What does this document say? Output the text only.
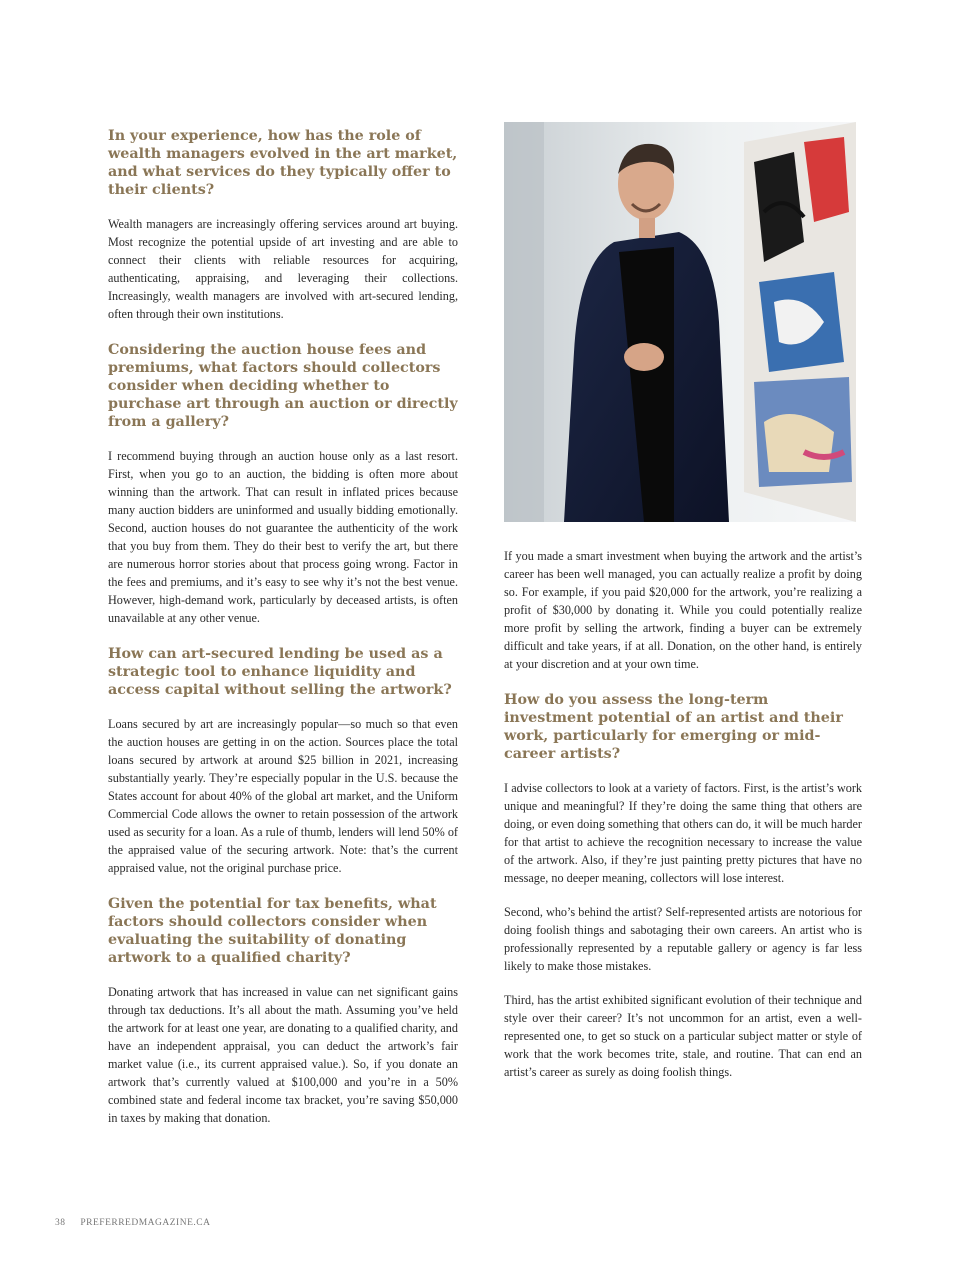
In your experience, how has the role of wealth managers evolved in the art market, and what services do they typically offer to their clients?

Wealth managers are increasingly offering services around art buying. Most recognize the potential upside of art investing and are able to connect their clients with reliable resources for acquiring, authenticating, appraising, and leveraging their collections. Increasingly, wealth managers are involved with art-secured lending, often through their own institutions.

Considering the auction house fees and premiums, what factors should collectors consider when deciding whether to purchase art through an auction or directly from a gallery?

I recommend buying through an auction house only as a last resort. First, when you go to an auction, the bidding is often more about winning than the artwork. That can result in inflated prices because many auction bidders are uninformed and usually bidding emotionally. Second, auction houses do not guarantee the authenticity of the work that you buy from them. They do their best to verify the art, but there are numerous horror stories about that process going wrong. Factor in the fees and premiums, and it’s easy to see why it’s not the best venue. However, high-demand work, particularly by deceased artists, is often unavailable at any other venue.

How can art-secured lending be used as a strategic tool to enhance liquidity and access capital without selling the artwork?

Loans secured by art are increasingly popular—so much so that even the auction houses are getting in on the action. Sources place the total loans secured by artwork at around $25 billion in 2021, increasing substantially yearly. They’re especially popular in the U.S. because the States account for about 40% of the global art market, and the Uniform Commercial Code allows the owner to retain possession of the artwork used as security for a loan. As a rule of thumb, lenders will lend 50% of the appraised value of the securing artwork. Note: that’s the current appraised value, not the original purchase price.

Given the potential for tax benefits, what factors should collectors consider when evaluating the suitability of donating artwork to a qualified charity?

Donating artwork that has increased in value can net significant gains through tax deductions. It’s all about the math. Assuming you’ve held the artwork for at least one year, are donating to a qualified charity, and have an independent appraisal, you can deduct the artwork’s fair market value (i.e., its current appraised value.). So, if you donate an artwork that’s currently valued at $100,000 and you’re in a 50% combined state and federal income tax bracket, you’re saving $50,000 in taxes by making that donation.

If you made a smart investment when buying the artwork and the artist’s career has been well managed, you can actually realize a profit by doing so. For example, if you paid $20,000 for the artwork, you’re realizing a profit of $30,000 by donating it. While you could potentially realize more profit by selling the artwork, finding a buyer can be extremely difficult and take years, if at all. Donation, on the other hand, is entirely at your discretion and at your own time.

How do you assess the long-term investment potential of an artist and their work, particularly for emerging or mid-career artists?

I advise collectors to look at a variety of factors. First, is the artist’s work unique and meaningful? If they’re doing the same thing that others are doing, or even doing something that others can do, it will be much harder for that artist to achieve the recognition necessary to increase the value of the artwork. Also, if they’re just painting pretty pictures that have no message, no deeper meaning, collectors will lose interest.

Second, who’s behind the artist? Self-represented artists are notorious for doing foolish things and sabotaging their own careers. An artist who is professionally represented by a reputable gallery or agency is far less likely to make those mistakes.

Third, has the artist exhibited significant evolution of their technique and style over their career? It’s not uncommon for an artist, even a well-represented one, to get so stuck on a particular subject matter or style of work that the work becomes trite, stale, and routine. That can end an artist’s career as surely as doing foolish things.

38 PREFERREDMAGAZINE.CA
